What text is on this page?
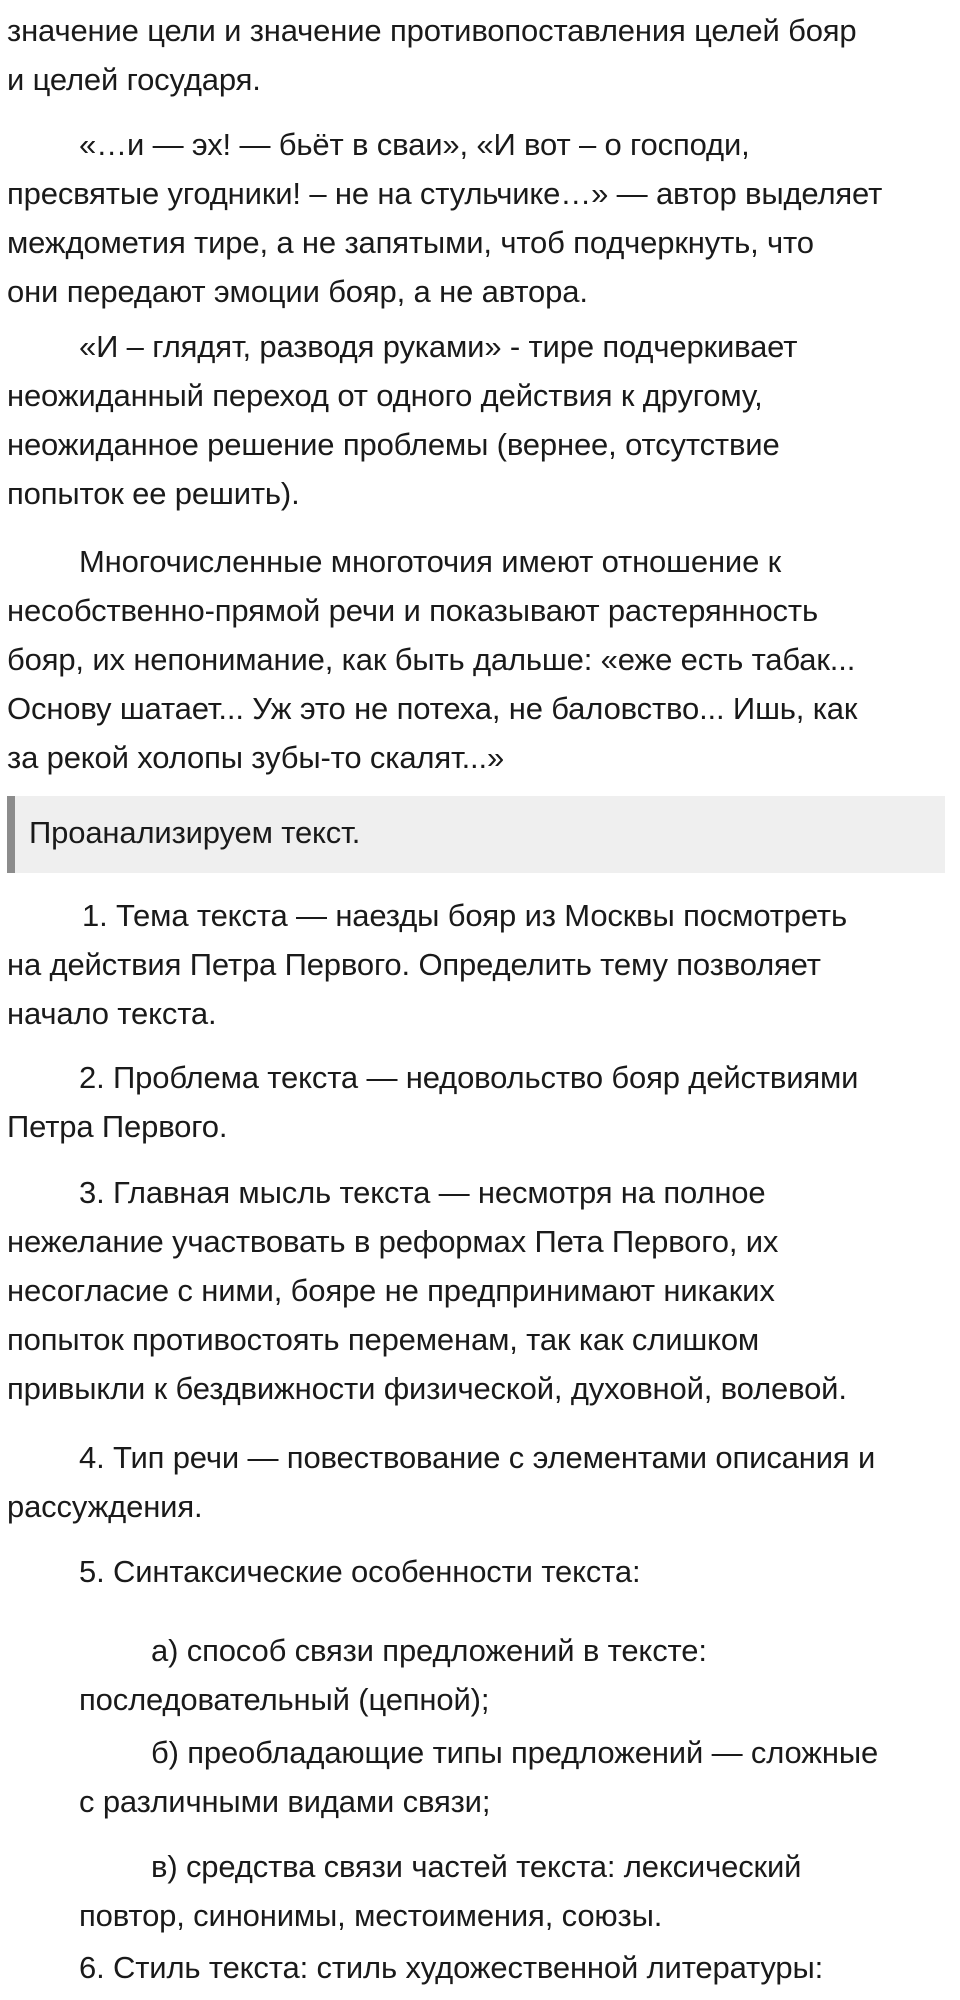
значение цели и значение противопоставления целей бояр
и целей государя.

«…и — эх! — бьёт в сваи», «И вот – о господи,
пресвятые угодники! – не на стульчике…» — автор выделяет
междометия тире, а не запятыми, чтоб подчеркнуть, что
они передают эмоции бояр, а не автора.

«И – глядят, разводя руками» - тире подчеркивает
неожиданный переход от одного действия к другому,
неожиданное решение проблемы (вернее, отсутствие
попыток ее решить).

Многочисленные многоточия имеют отношение к
несобственно-прямой речи и показывают растерянность
бояр, их непонимание, как быть дальше: «еже есть табак...
Основу шатает... Уж это не потеха, не баловство... Ишь, как
за рекой холопы зубы-то скалят...»

Проанализируем текст.

1. Тема текста — наезды бояр из Москвы посмотреть
на действия Петра Первого. Определить тему позволяет
начало текста.

2. Проблема текста — недовольство бояр действиями
Петра Первого.

3. Главная мысль текста — несмотря на полное
нежелание участвовать в реформах Пета Первого, их
несогласие с ними, бояре не предпринимают никаких
попыток противостоять переменам, так как слишком
привыкли к бездвижности физической, духовной, волевой.

4. Тип речи — повествование с элементами описания и
рассуждения.

5. Синтаксические особенности текста:

а) способ связи предложений в тексте:
последовательный (цепной);

б) преобладающие типы предложений — сложные
с различными видами связи;

в) средства связи частей текста: лексический
повтор, синонимы, местоимения, союзы.

6. Стиль текста: стиль художественной литературы:
